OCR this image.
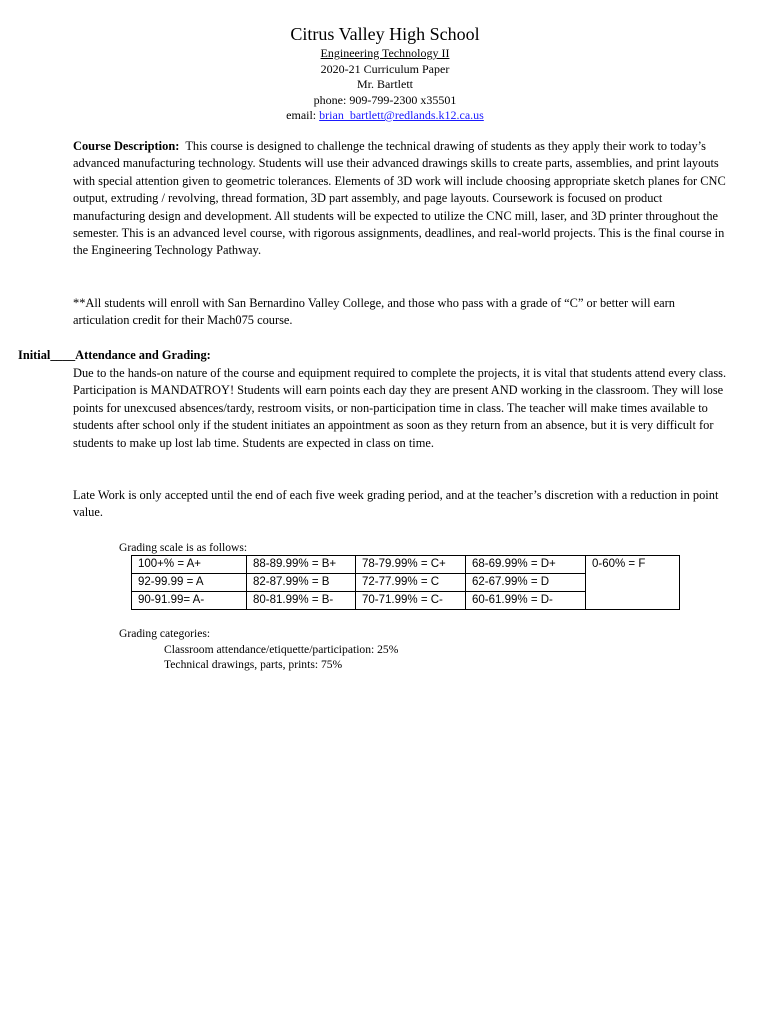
Citrus Valley High School
Engineering Technology II
2020-21 Curriculum Paper
Mr. Bartlett
phone: 909-799-2300 x35501
email: brian_bartlett@redlands.k12.ca.us

Course Description: This course is designed to challenge the technical drawing of students as they apply their work to today’s advanced manufacturing technology. Students will use their advanced drawings skills to create parts, assemblies, and print layouts with special attention given to geometric tolerances. Elements of 3D work will include choosing appropriate sketch planes for CNC output, extruding / revolving, thread formation, 3D part assembly, and page layouts. Coursework is focused on product manufacturing design and development. All students will be expected to utilize the CNC mill, laser, and 3D printer throughout the semester. This is an advanced level course, with rigorous assignments, deadlines, and real-world projects. This is the final course in the Engineering Technology Pathway.

**All students will enroll with San Bernardino Valley College, and those who pass with a grade of “C” or better will earn articulation credit for their Mach075 course.

Initial____Attendance and Grading:

Due to the hands-on nature of the course and equipment required to complete the projects, it is vital that students attend every class. Participation is MANDATROY! Students will earn points each day they are present AND working in the classroom. They will lose points for unexcused absences/tardy, restroom visits, or non-participation time in class. The teacher will make times available to students after school only if the student initiates an appointment as soon as they return from an absence, but it is very difficult for students to make up lost lab time. Students are expected in class on time.

Late Work is only accepted until the end of each five week grading period, and at the teacher’s discretion with a reduction in point value.

Grading scale is as follows:
100+% = A+	88-89.99% = B+	78-79.99% = C+	68-69.99% = D+	0-60% = F
92-99.99 = A	82-87.99% = B	72-77.99% = C	62-67.99% = D	
90-91.99= A-	80-81.99% = B-	70-71.99% = C-	60-61.99% = D-	
Grading categories:
Classroom attendance/etiquette/participation: 25%
Technical drawings, parts, prints: 75%
